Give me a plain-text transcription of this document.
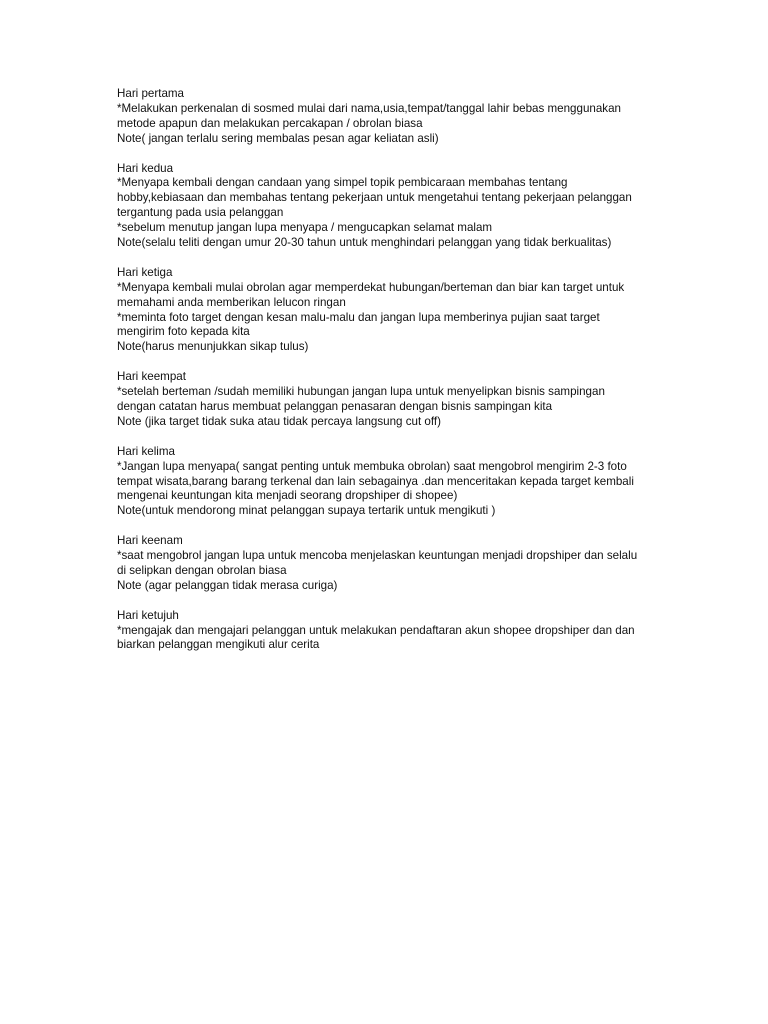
Hari pertama
*Melakukan perkenalan di sosmed mulai dari nama,usia,tempat/tanggal lahir bebas menggunakan
metode apapun dan melakukan percakapan / obrolan biasa
Note( jangan terlalu sering membalas pesan agar keliatan asli)
Hari kedua
*Menyapa kembali dengan candaan yang simpel topik pembicaraan membahas tentang
hobby,kebiasaan dan membahas tentang pekerjaan untuk mengetahui tentang pekerjaan pelanggan
tergantung pada usia pelanggan
*sebelum menutup jangan lupa menyapa / mengucapkan selamat malam
Note(selalu teliti dengan umur 20-30 tahun untuk menghindari pelanggan yang tidak berkualitas)
Hari ketiga
*Menyapa kembali mulai obrolan agar memperdekat hubungan/berteman dan biar kan target untuk
memahami anda memberikan lelucon ringan
*meminta foto target dengan kesan malu-malu dan jangan lupa memberinya pujian saat target
mengirim foto kepada kita
Note(harus menunjukkan sikap tulus)
Hari keempat
*setelah berteman /sudah memiliki hubungan jangan lupa untuk menyelipkan bisnis sampingan
dengan catatan harus membuat pelanggan penasaran dengan bisnis sampingan kita
Note (jika target tidak suka atau tidak percaya langsung cut off)
Hari kelima
*Jangan lupa menyapa( sangat penting untuk membuka obrolan) saat mengobrol mengirim 2-3 foto
tempat wisata,barang barang terkenal dan lain sebagainya .dan menceritakan kepada target kembali
mengenai keuntungan kita menjadi seorang dropshiper di shopee)
Note(untuk mendorong minat pelanggan supaya tertarik untuk mengikuti )
Hari keenam
*saat mengobrol jangan lupa untuk mencoba menjelaskan keuntungan menjadi dropshiper dan selalu
di selipkan dengan obrolan biasa
Note (agar pelanggan tidak merasa curiga)
Hari ketujuh
*mengajak dan mengajari pelanggan untuk melakukan pendaftaran akun shopee dropshiper dan dan
biarkan pelanggan mengikuti alur cerita
